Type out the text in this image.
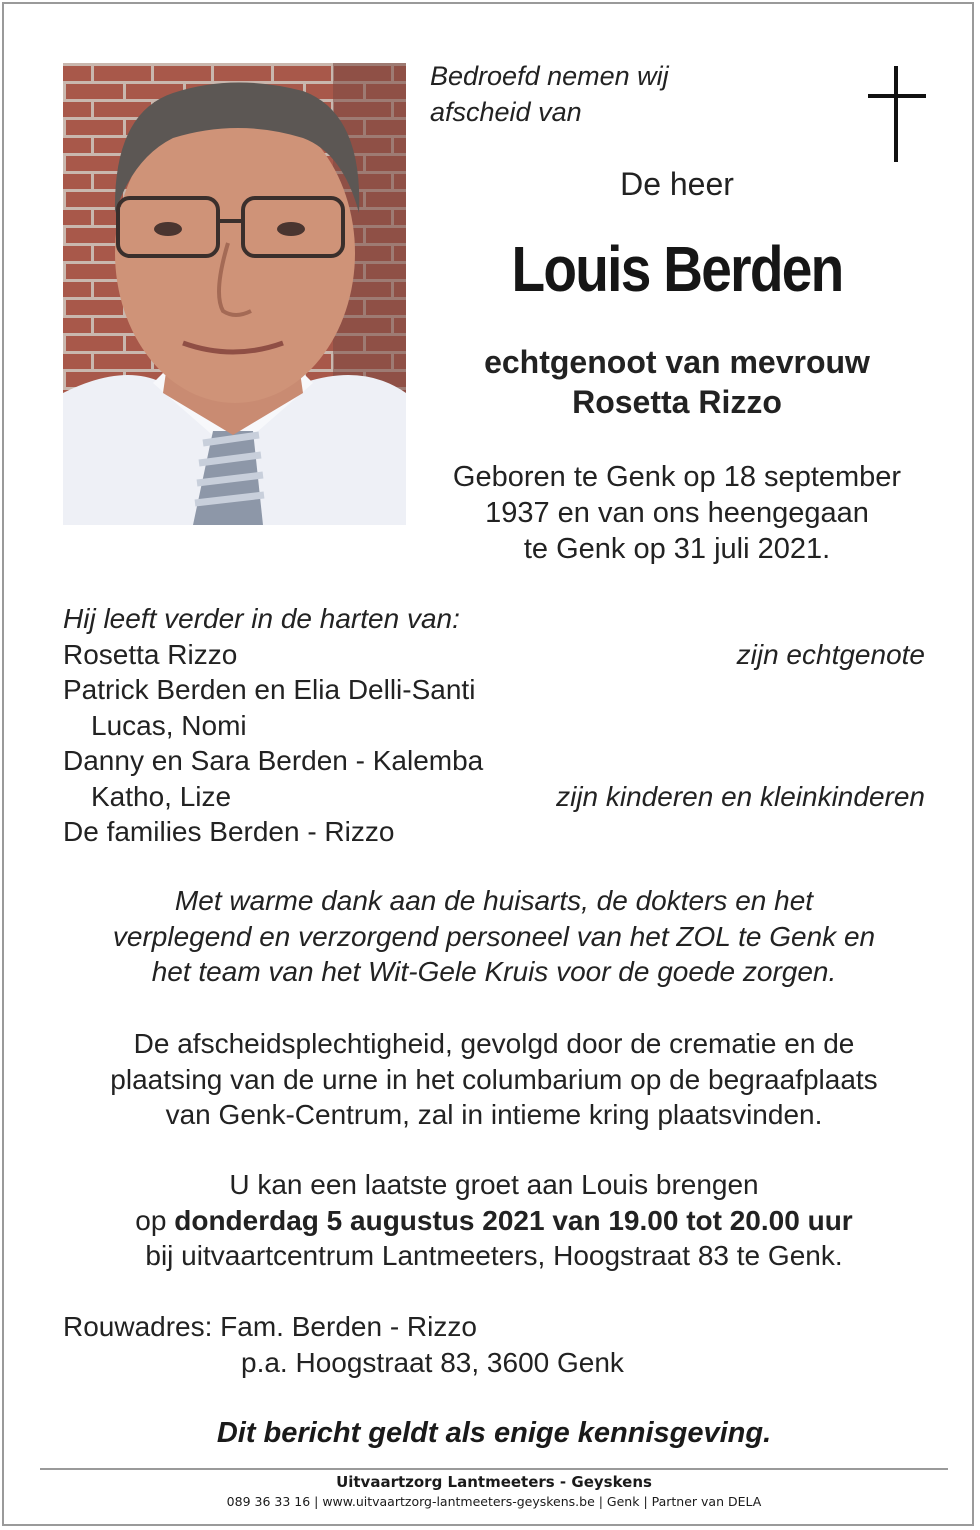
Bedroefd nemen wij
afscheid van
De heer
Louis Berden
echtgenoot van mevrouw
Rosetta Rizzo
Geboren te Genk op 18 september
1937 en van ons heengegaan
te Genk op 31 juli 2021.
Hij leeft verder in de harten van:
Rosetta Rizzo	zijn echtgenote
Patrick Berden en Elia Delli-Santi
Lucas, Nomi
Danny en Sara Berden - Kalemba
Katho, Lize	zijn kinderen en kleinkinderen
De families Berden - Rizzo
Met warme dank aan de huisarts, de dokters en het
verplegend en verzorgend personeel van het ZOL te Genk en
het team van het Wit-Gele Kruis voor de goede zorgen.
De afscheidsplechtigheid, gevolgd door de crematie en de
plaatsing van de urne in het columbarium op de begraafplaats
van Genk-Centrum, zal in intieme kring plaatsvinden.
U kan een laatste groet aan Louis brengen
op donderdag 5 augustus 2021 van 19.00 tot 20.00 uur
bij uitvaartcentrum Lantmeeters, Hoogstraat 83 te Genk.
Rouwadres: Fam. Berden - Rizzo
p.a. Hoogstraat 83, 3600 Genk
Dit bericht geldt als enige kennisgeving.
Uitvaartzorg Lantmeeters - Geyskens
089 36 33 16 | www.uitvaartzorg-lantmeeters-geyskens.be | Genk | Partner van DELA
